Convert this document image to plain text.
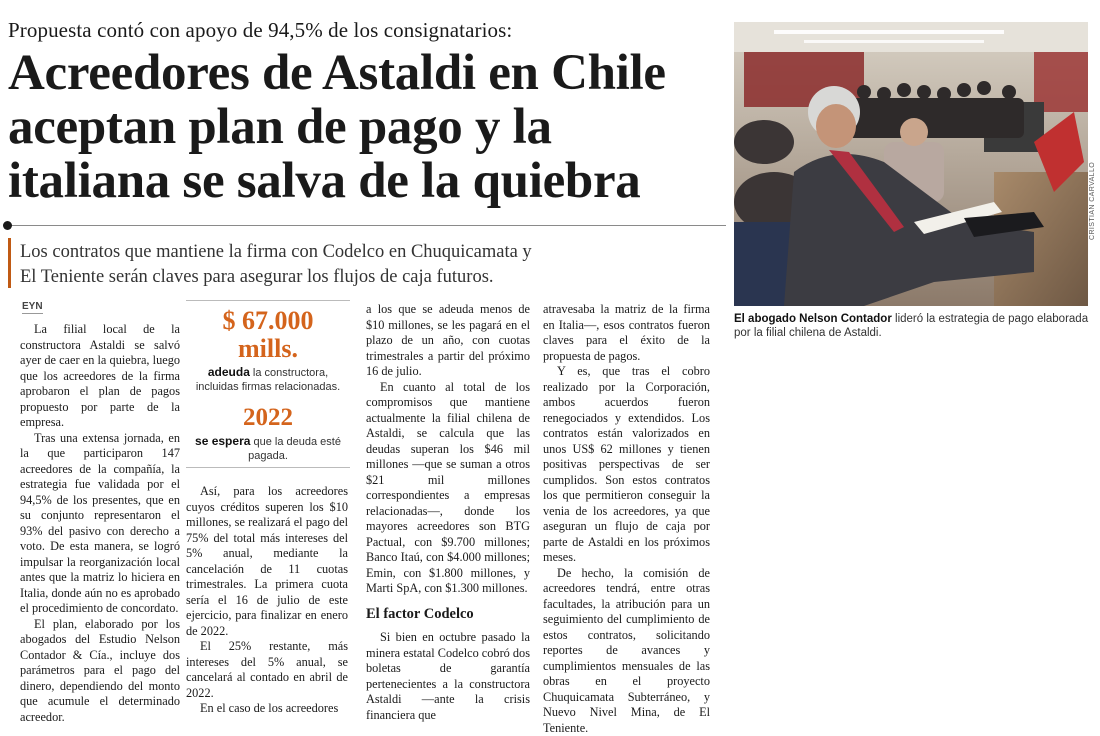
Propuesta contó con apoyo de 94,5% de los consignatarios:
Acreedores de Astaldi en Chile
aceptan plan de pago y la
italiana se salva de la quiebra
Los contratos que mantiene la firma con Codelco en Chuquicamata y
El Teniente serán claves para asegurar los flujos de caja futuros.
EYN

La filial local de la constructora Astaldi se salvó ayer de caer en la quiebra, luego que los acreedores de la firma aprobaron el plan de pagos propuesto por parte de la empresa.

Tras una extensa jornada, en la que participaron 147 acreedores de la compañía, la estrategia fue validada por el 94,5% de los presentes, que en su conjunto representaron el 93% del pasivo con derecho a voto. De esta manera, se logró impulsar la reorganización local antes que la matriz lo hiciera en Italia, donde aún no es aprobado el procedimiento de concordato.

El plan, elaborado por los abogados del Estudio Nelson Contador & Cía., incluye dos parámetros para el pago del dinero, dependiendo del monto que acumule el determinado acreedor.

$ 67.000
mills.
adeuda la constructora, incluidas firmas relacionadas.
2022
se espera que la deuda esté pagada.

Así, para los acreedores cuyos créditos superen los $10 millones, se realizará el pago del 75% del total más intereses del 5% anual, mediante la cancelación de 11 cuotas trimestrales. La primera cuota sería el 16 de julio de este ejercicio, para finalizar en enero de 2022.

El 25% restante, más intereses del 5% anual, se cancelará al contado en abril de 2022.

En el caso de los acreedores

a los que se adeuda menos de $10 millones, se les pagará en el plazo de un año, con cuotas trimestrales a partir del próximo 16 de julio.

En cuanto al total de los compromisos que mantiene actualmente la filial chilena de Astaldi, se calcula que las deudas superan los $46 mil millones —que se suman a otros $21 mil millones correspondientes a empresas relacionadas—, donde los mayores acreedores son BTG Pactual, con $9.700 millones; Banco Itaú, con $4.000 millones; Emin, con $1.800 millones, y Marti SpA, con $1.300 millones.

El factor Codelco

Si bien en octubre pasado la minera estatal Codelco cobró dos boletas de garantía pertenecientes a la constructora Astaldi —ante la crisis financiera que

atravesaba la matriz de la firma en Italia—, esos contratos fueron claves para el éxito de la propuesta de pagos.

Y es, que tras el cobro realizado por la Corporación, ambos acuerdos fueron renegociados y extendidos. Los contratos están valorizados en unos US$ 62 millones y tienen positivas perspectivas de ser cumplidos. Son estos contratos los que permitieron conseguir la venia de los acreedores, ya que aseguran un flujo de caja por parte de Astaldi en los próximos meses.

De hecho, la comisión de acreedores tendrá, entre otras facultades, la atribución para un seguimiento del cumplimiento de estos contratos, solicitando reportes de avances y cumplimientos mensuales de las obras en el proyecto Chuquicamata Subterráneo, y Nuevo Nivel Mina, de El Teniente.

CRISTIAN CARVALLO
El abogado Nelson Contador lideró la estrategia de pago elaborada por la filial chilena de Astaldi.
